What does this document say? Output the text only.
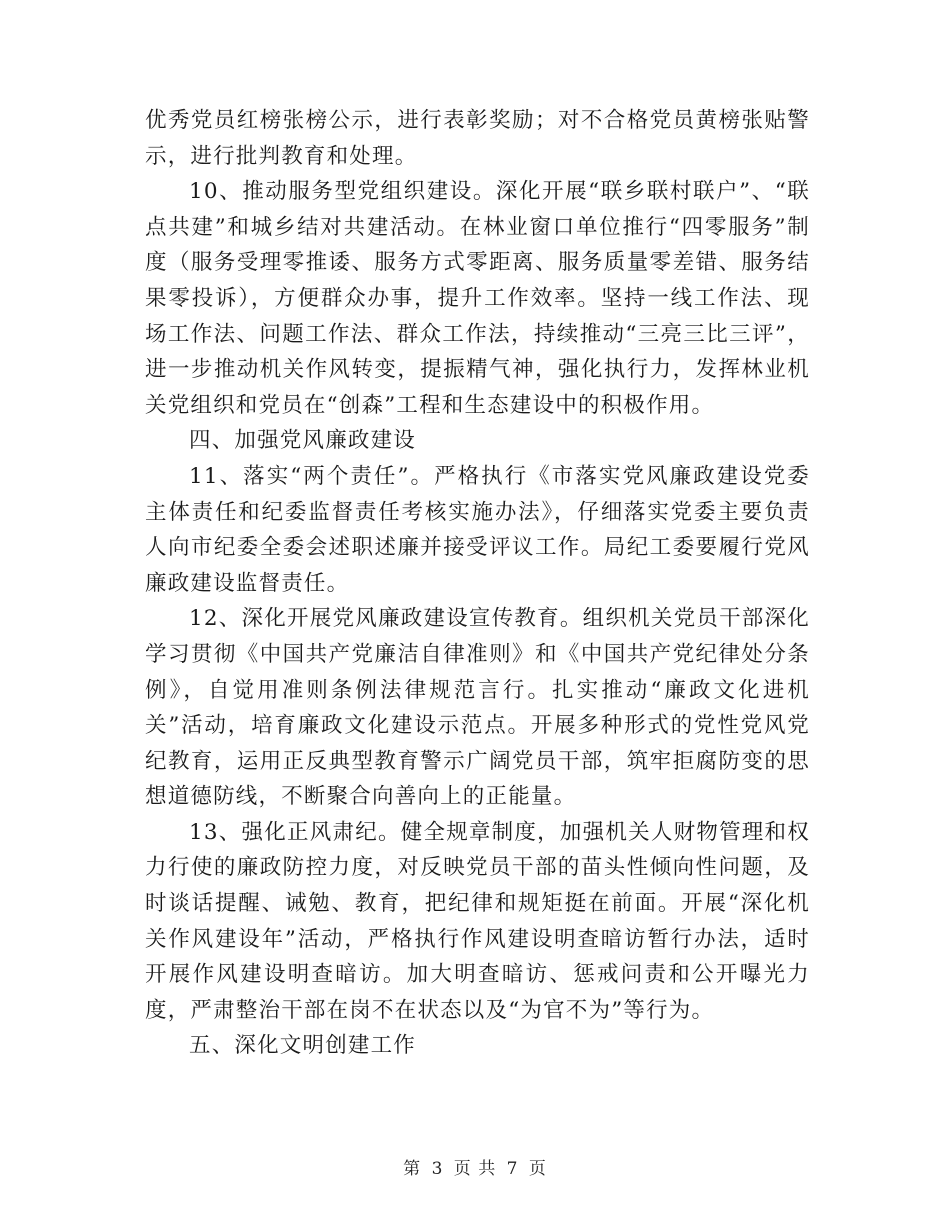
优秀党员红榜张榜公示，进行表彰奖励；对不合格党员黄榜张贴警示，进行批判教育和处理。

10、推动服务型党组织建设。深化开展“联乡联村联户”、“联点共建”和城乡结对共建活动。在林业窗口单位推行“四零服务”制度（服务受理零推诿、服务方式零距离、服务质量零差错、服务结果零投诉），方便群众办事，提升工作效率。坚持一线工作法、现场工作法、问题工作法、群众工作法，持续推动“三亮三比三评”，进一步推动机关作风转变，提振精气神，强化执行力，发挥林业机关党组织和党员在“创森”工程和生态建设中的积极作用。

四、加强党风廉政建设

11、落实“两个责任”。严格执行《市落实党风廉政建设党委主体责任和纪委监督责任考核实施办法》，仔细落实党委主要负责人向市纪委全委会述职述廉并接受评议工作。局纪工委要履行党风廉政建设监督责任。

12、深化开展党风廉政建设宣传教育。组织机关党员干部深化学习贯彻《中国共产党廉洁自律准则》和《中国共产党纪律处分条例》，自觉用准则条例法律规范言行。扎实推动“廉政文化进机关”活动，培育廉政文化建设示范点。开展多种形式的党性党风党纪教育，运用正反典型教育警示广阔党员干部，筑牢拒腐防变的思想道德防线，不断聚合向善向上的正能量。

13、强化正风肃纪。健全规章制度，加强机关人财物管理和权力行使的廉政防控力度，对反映党员干部的苗头性倾向性问题，及时谈话提醒、诫勉、教育，把纪律和规矩挺在前面。开展“深化机关作风建设年”活动，严格执行作风建设明查暗访暂行办法，适时开展作风建设明查暗访。加大明查暗访、惩戒问责和公开曝光力度，严肃整治干部在岗不在状态以及“为官不为”等行为。

五、深化文明创建工作

第 3 页 共 7 页
